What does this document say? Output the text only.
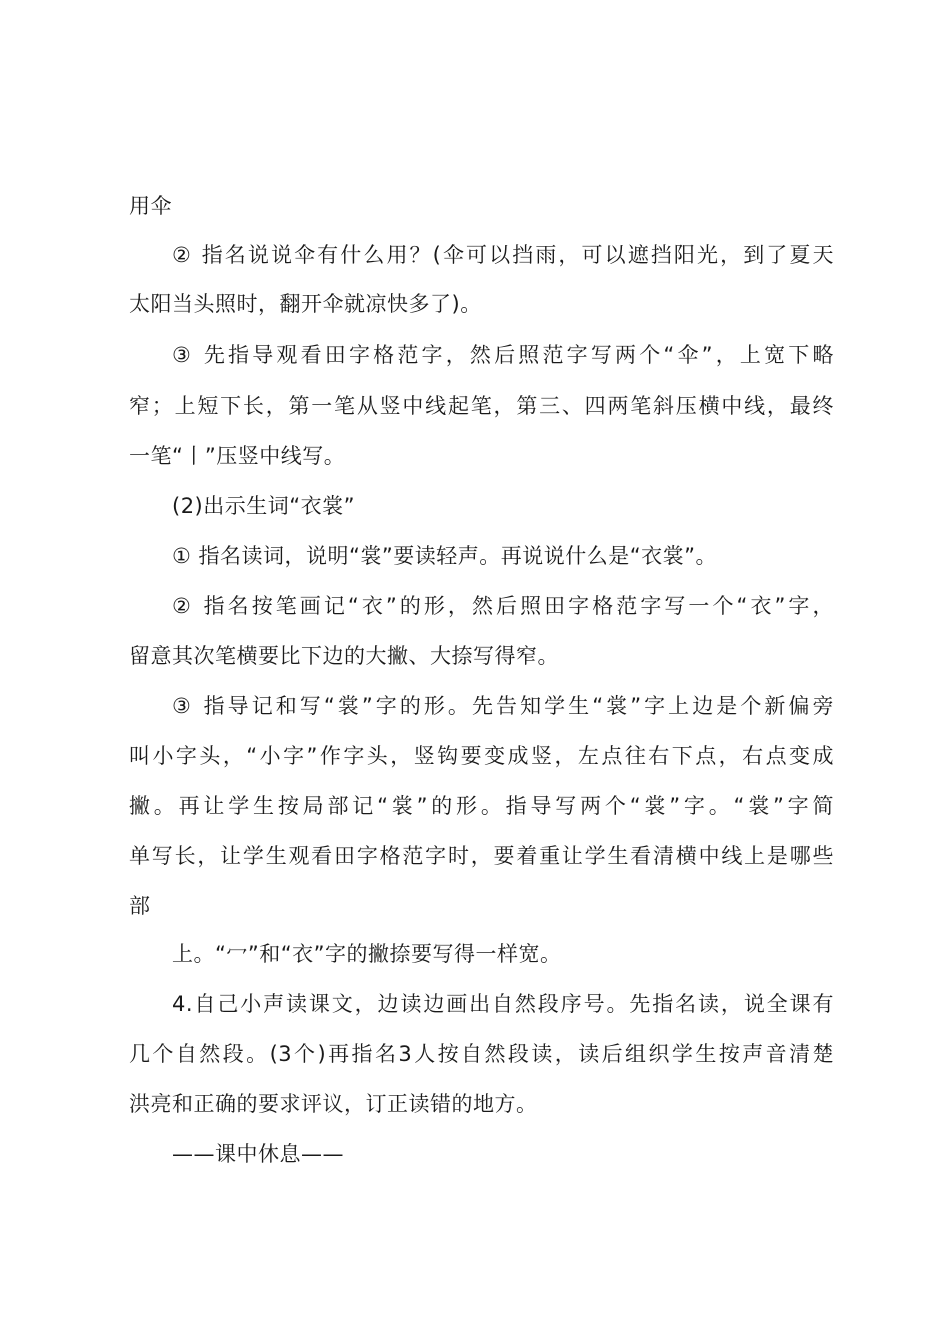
用伞
② 指名说说伞有什么用？(伞可以挡雨，可以遮挡阳光，到了夏天
太阳当头照时，翻开伞就凉快多了)。
③ 先指导观看田字格范字，然后照范字写两个“伞”，上宽下略
窄；上短下长，第一笔从竖中线起笔，第三、四两笔斜压横中线，最终
一笔“丨”压竖中线写。
(2)出示生词“衣裳”
① 指名读词，说明“裳”要读轻声。再说说什么是“衣裳”。
② 指名按笔画记“衣”的形，然后照田字格范字写一个“衣”字，
留意其次笔横要比下边的大撇、大捺写得窄。
③ 指导记和写“裳”字的形。先告知学生“裳”字上边是个新偏旁
叫小字头，“小字”作字头，竖钩要变成竖，左点往右下点，右点变成
撇。再让学生按局部记“裳”的形。指导写两个“裳”字。“裳”字简
单写长，让学生观看田字格范字时，要着重让学生看清横中线上是哪些
部
上。“冖”和“衣”字的撇捺要写得一样宽。
4.自己小声读课文，边读边画出自然段序号。先指名读，说全课有
几个自然段。(3个)再指名3人按自然段读，读后组织学生按声音清楚
洪亮和正确的要求评议，订正读错的地方。
——课中休息——
